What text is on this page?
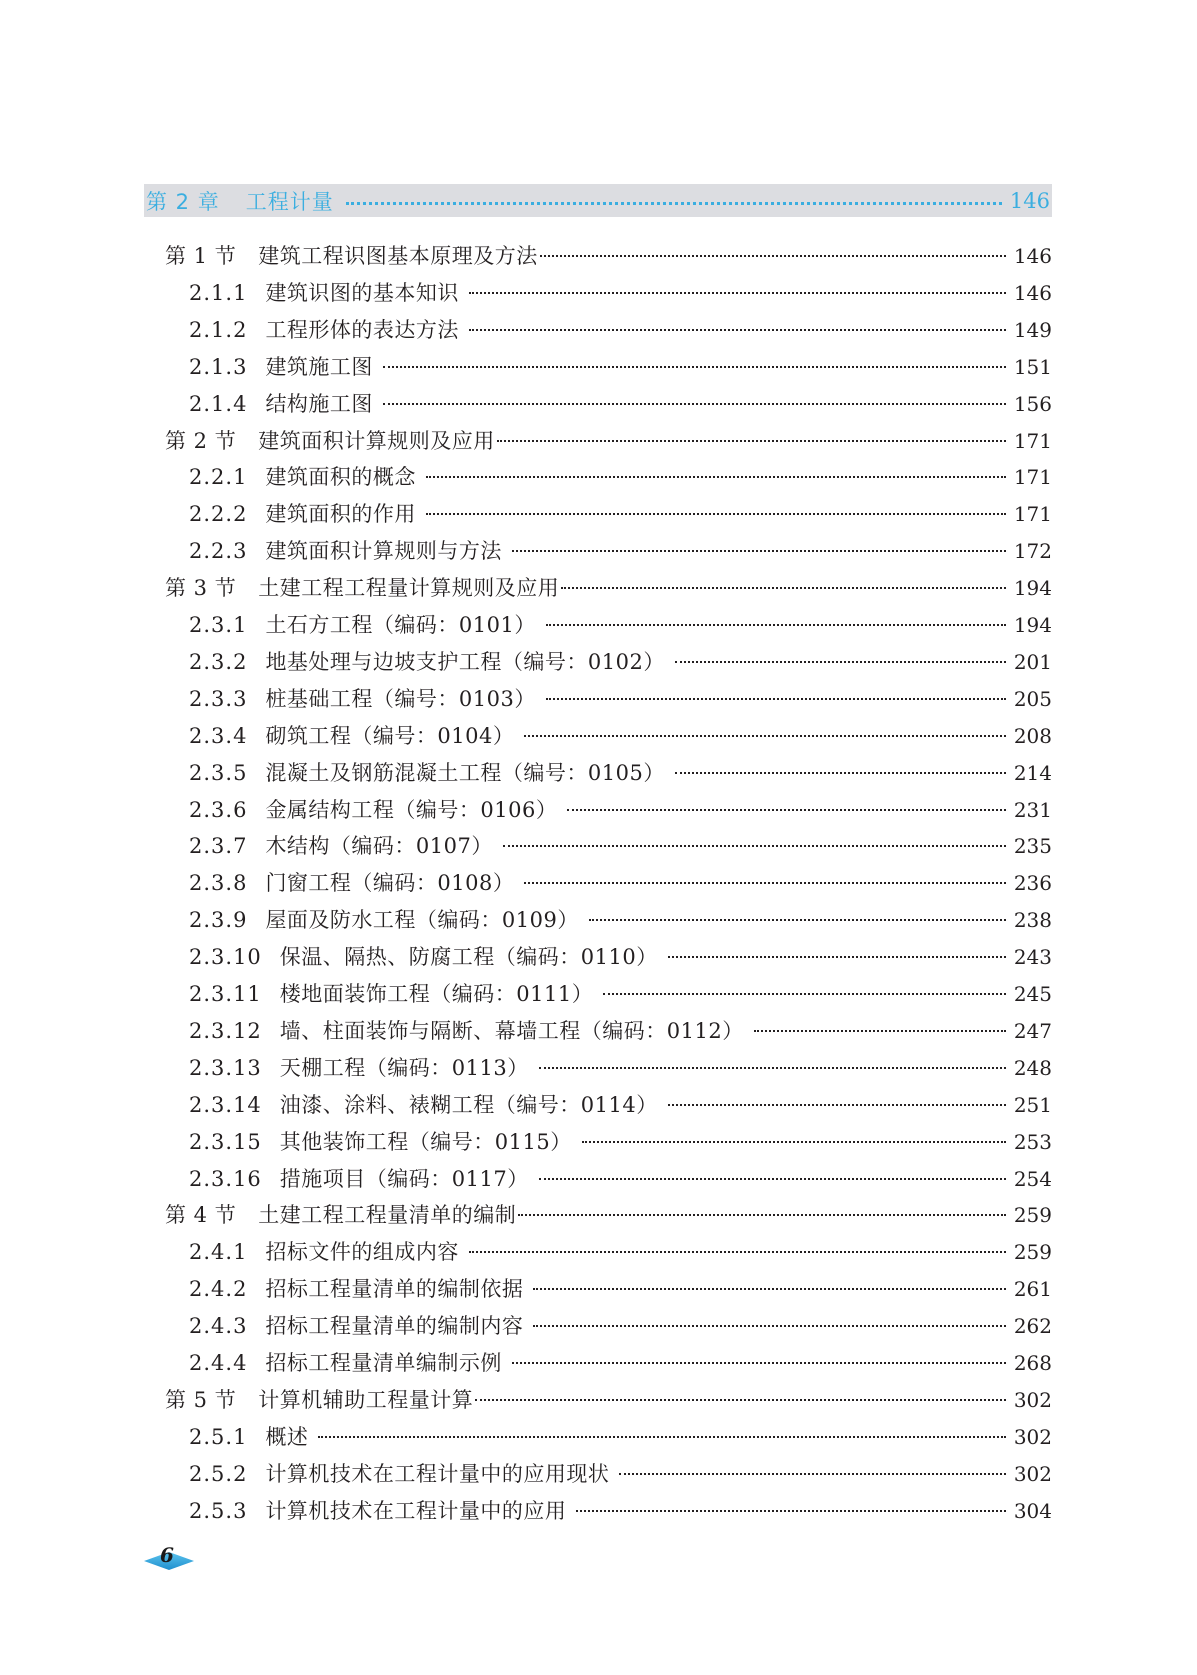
第 2 章 工程计量	146
第 1 节 建筑工程识图基本原理及方法	146
2.1.1 建筑识图的基本知识	146
2.1.2 工程形体的表达方法	149
2.1.3 建筑施工图	151
2.1.4 结构施工图	156
第 2 节 建筑面积计算规则及应用	171
2.2.1 建筑面积的概念	171
2.2.2 建筑面积的作用	171
2.2.3 建筑面积计算规则与方法	172
第 3 节 土建工程工程量计算规则及应用	194
2.3.1 土石方工程（编码：0101）	194
2.3.2 地基处理与边坡支护工程（编号：0102）	201
2.3.3 桩基础工程（编号：0103）	205
2.3.4 砌筑工程（编号：0104）	208
2.3.5 混凝土及钢筋混凝土工程（编号：0105）	214
2.3.6 金属结构工程（编号：0106）	231
2.3.7 木结构（编码：0107）	235
2.3.8 门窗工程（编码：0108）	236
2.3.9 屋面及防水工程（编码：0109）	238
2.3.10 保温、隔热、防腐工程（编码：0110）	243
2.3.11 楼地面装饰工程（编码：0111）	245
2.3.12 墙、柱面装饰与隔断、幕墙工程（编码：0112）	247
2.3.13 天棚工程（编码：0113）	248
2.3.14 油漆、涂料、裱糊工程（编号：0114）	251
2.3.15 其他装饰工程（编号：0115）	253
2.3.16 措施项目（编码：0117）	254
第 4 节 土建工程工程量清单的编制	259
2.4.1 招标文件的组成内容	259
2.4.2 招标工程量清单的编制依据	261
2.4.3 招标工程量清单的编制内容	262
2.4.4 招标工程量清单编制示例	268
第 5 节 计算机辅助工程量计算	302
2.5.1 概述	302
2.5.2 计算机技术在工程计量中的应用现状	302
2.5.3 计算机技术在工程计量中的应用	304
6
